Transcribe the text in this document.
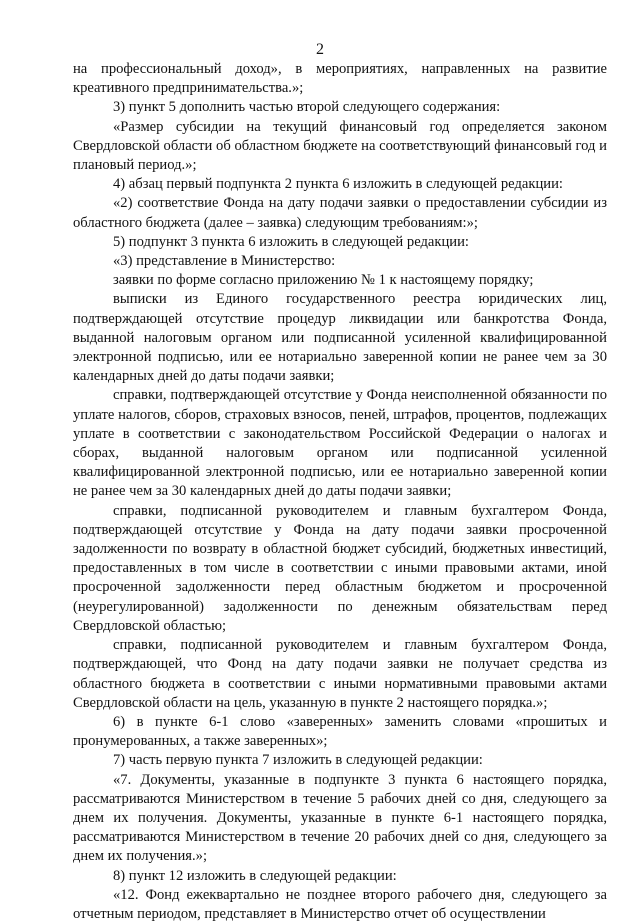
2

на профессиональный доход», в мероприятиях, направленных на развитие креативного предпринимательства.»;

3) пункт 5 дополнить частью второй следующего содержания:

«Размер субсидии на текущий финансовый год определяется законом Свердловской области об областном бюджете на соответствующий финансовый год и плановый период.»;

4) абзац первый подпункта 2 пункта 6 изложить в следующей редакции:

«2) соответствие Фонда на дату подачи заявки о предоставлении субсидии из областного бюджета (далее – заявка) следующим требованиям:»;

5) подпункт 3 пункта 6 изложить в следующей редакции:

«3) представление в Министерство:

заявки по форме согласно приложению № 1 к настоящему порядку;

выписки из Единого государственного реестра юридических лиц, подтверждающей отсутствие процедур ликвидации или банкротства Фонда, выданной налоговым органом или подписанной усиленной квалифицированной электронной подписью, или ее нотариально заверенной копии не ранее чем за 30 календарных дней до даты подачи заявки;

справки, подтверждающей отсутствие у Фонда неисполненной обязанности по уплате налогов, сборов, страховых взносов, пеней, штрафов, процентов, подлежащих уплате в соответствии с законодательством Российской Федерации о налогах и сборах, выданной налоговым органом или подписанной усиленной квалифицированной электронной подписью, или ее нотариально заверенной копии не ранее чем за 30 календарных дней до даты подачи заявки;

справки, подписанной руководителем и главным бухгалтером Фонда, подтверждающей отсутствие у Фонда на дату подачи заявки просроченной задолженности по возврату в областной бюджет субсидий, бюджетных инвестиций, предоставленных в том числе в соответствии с иными правовыми актами, иной просроченной задолженности перед областным бюджетом и просроченной (неурегулированной) задолженности по денежным обязательствам перед Свердловской областью;

справки, подписанной руководителем и главным бухгалтером Фонда, подтверждающей, что Фонд на дату подачи заявки не получает средства из областного бюджета в соответствии с иными нормативными правовыми актами Свердловской области на цель, указанную в пункте 2 настоящего порядка.»;

6) в пункте 6-1 слово «заверенных» заменить словами «прошитых и пронумерованных, а также заверенных»;

7) часть первую пункта 7 изложить в следующей редакции:

«7. Документы, указанные в подпункте 3 пункта 6 настоящего порядка, рассматриваются Министерством в течение 5 рабочих дней со дня, следующего за днем их получения. Документы, указанные в пункте 6-1 настоящего порядка, рассматриваются Министерством в течение 20 рабочих дней со дня, следующего за днем их получения.»;

8) пункт 12 изложить в следующей редакции:

«12. Фонд ежеквартально не позднее второго рабочего дня, следующего за отчетным периодом, представляет в Министерство отчет об осуществлении
